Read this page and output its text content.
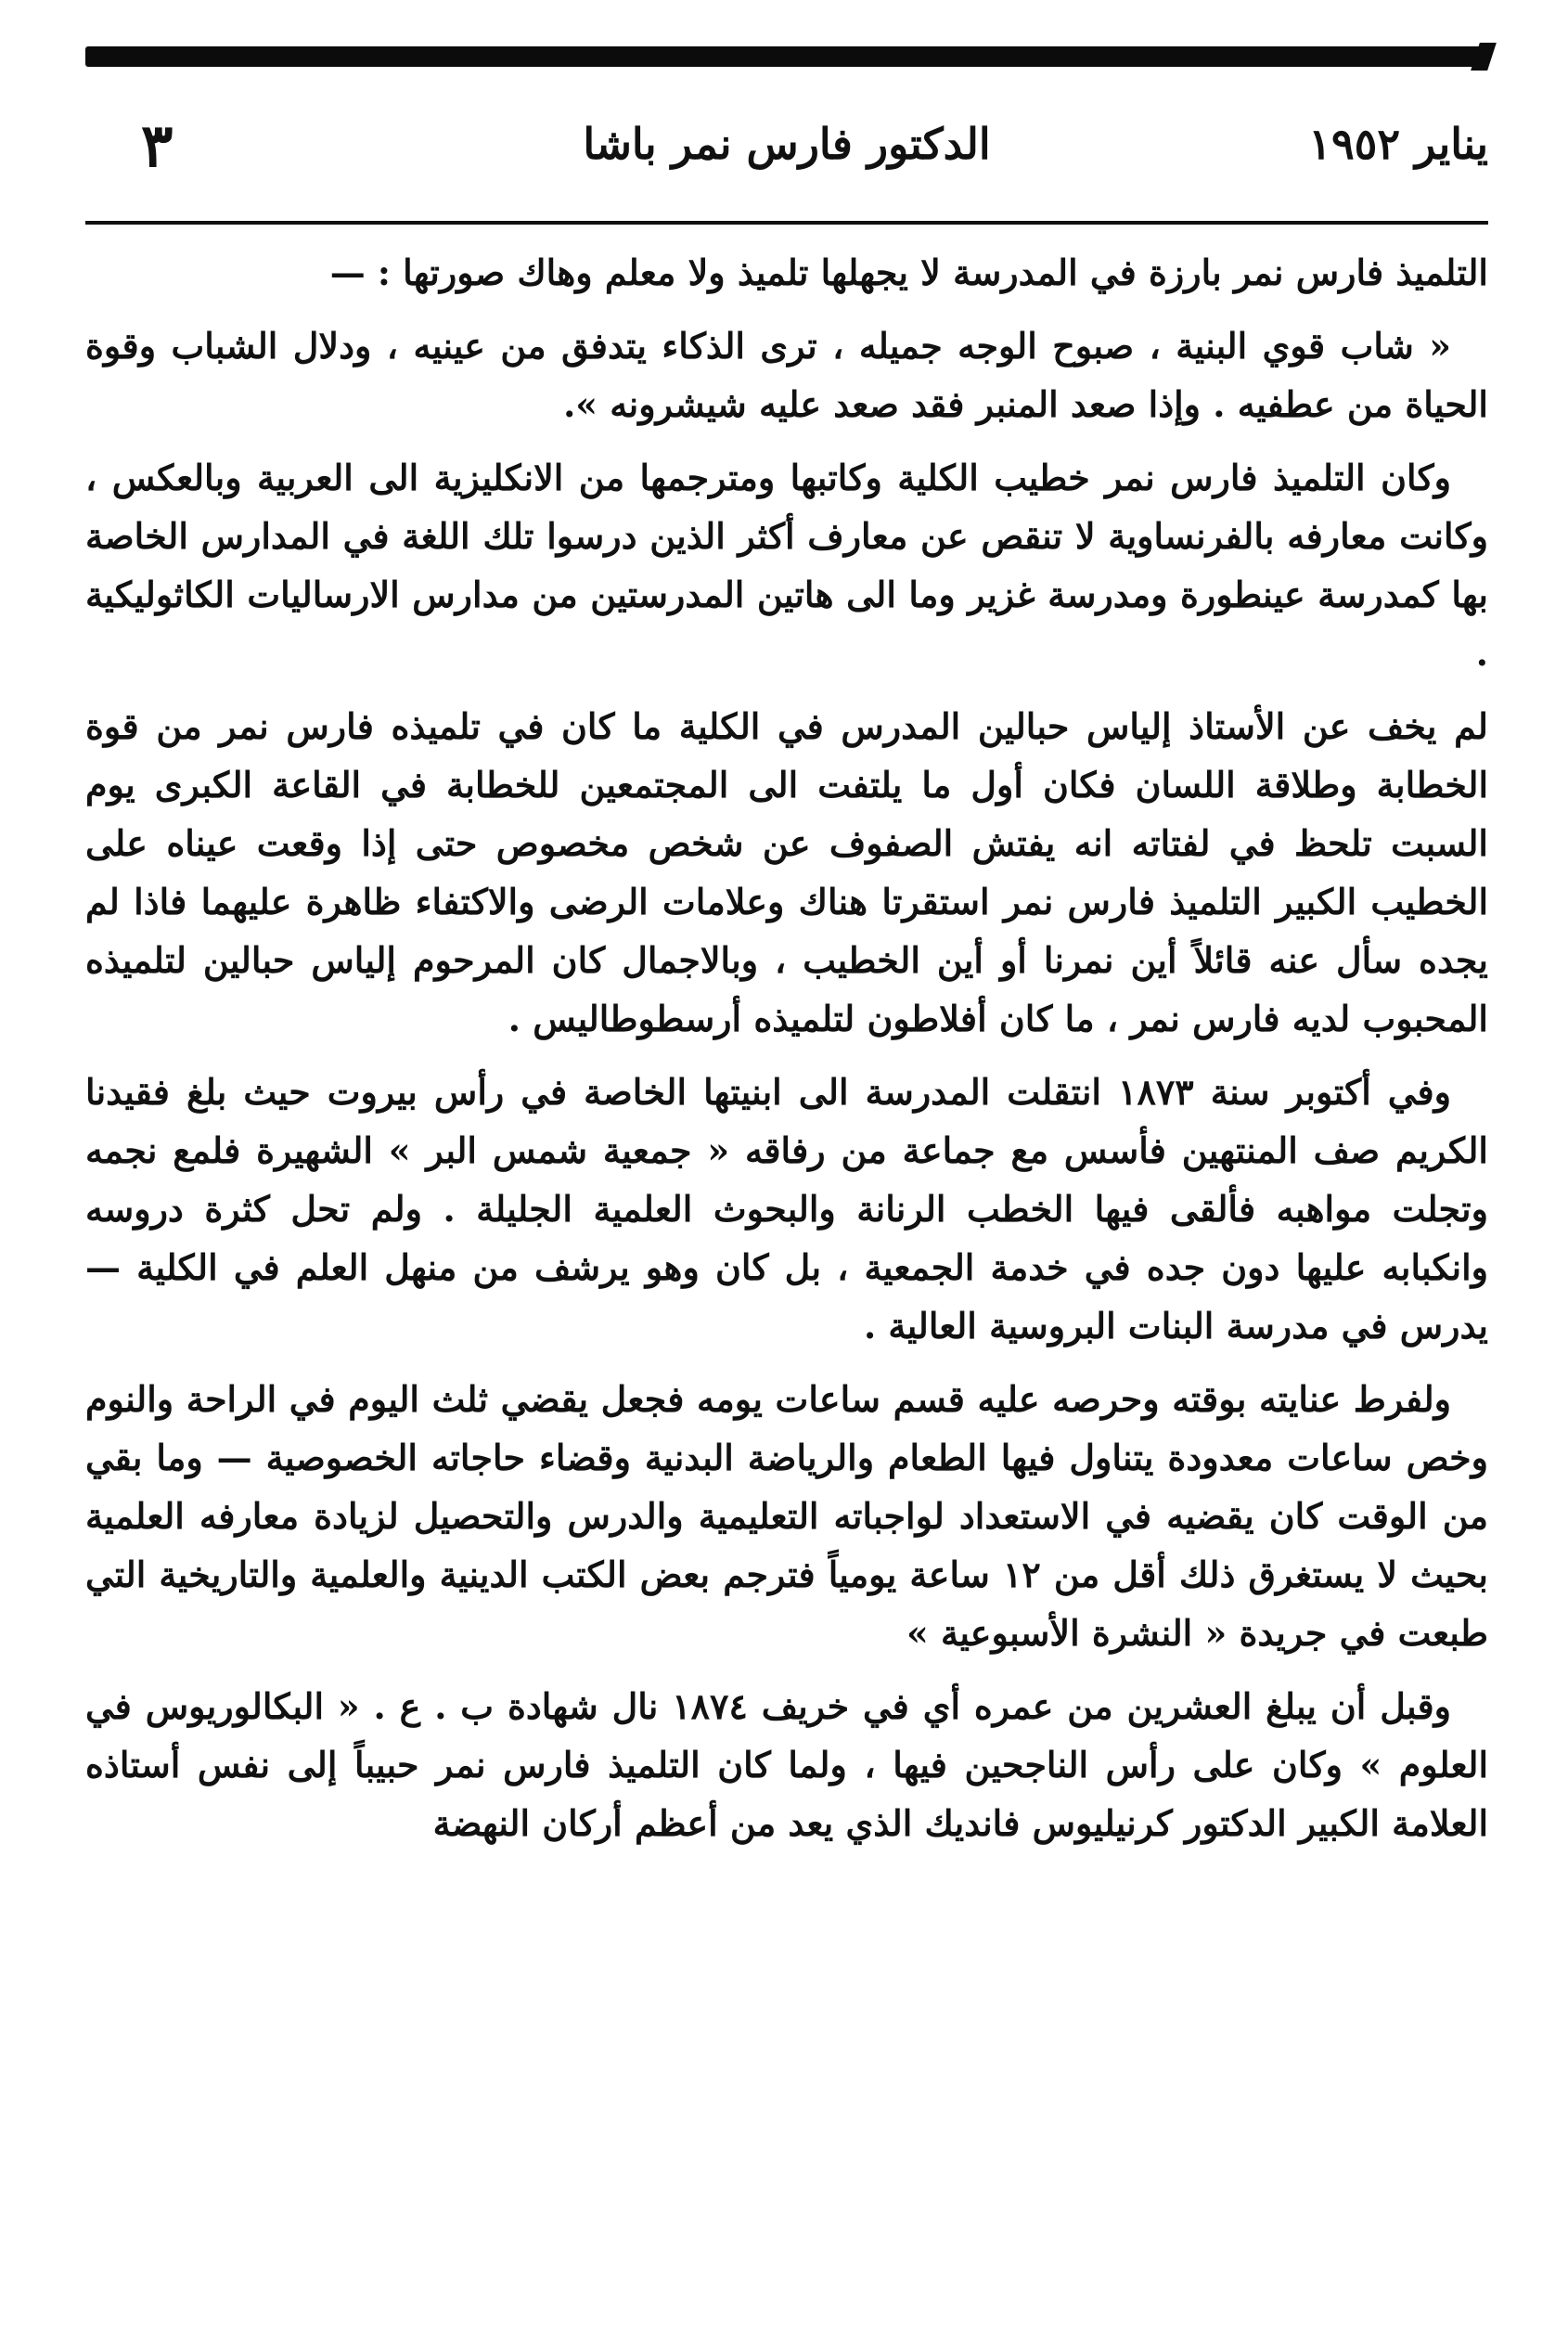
يناير ١٩٥٢
الدكتور فارس نمر باشا
٣

التلميذ فارس نمر بارزة في المدرسة لا يجهلها تلميذ ولا معلم وهاك صورتها : —

« شاب قوي البنية ، صبوح الوجه جميله ، ترى الذكاء يتدفق من عينيه ، ودلال الشباب وقوة الحياة من عطفيه . وإذا صعد المنبر فقد صعد عليه شيشرونه ».

وكان التلميذ فارس نمر خطيب الكلية وكاتبها ومترجمها من الانكليزية الى العربية وبالعكس ، وكانت معارفه بالفرنساوية لا تنقص عن معارف أكثر الذين درسوا تلك اللغة في المدارس الخاصة بها كمدرسة عينطورة ومدرسة غزير وما الى هاتين المدرستين من مدارس الارساليات الكاثوليكية .

لم يخف عن الأستاذ إلياس حبالين المدرس في الكلية ما كان في تلميذه فارس نمر من قوة الخطابة وطلاقة اللسان فكان أول ما يلتفت الى المجتمعين للخطابة في القاعة الكبرى يوم السبت تلحظ في لفتاته انه يفتش الصفوف عن شخص مخصوص حتى إذا وقعت عيناه على الخطيب الكبير التلميذ فارس نمر استقرتا هناك وعلامات الرضى والاكتفاء ظاهرة عليهما فاذا لم يجده سأل عنه قائلاً أين نمرنا أو أين الخطيب ، وبالاجمال كان المرحوم إلياس حبالين لتلميذه المحبوب لديه فارس نمر ، ما كان أفلاطون لتلميذه أرسطوطاليس .

وفي أكتوبر سنة ١٨٧٣ انتقلت المدرسة الى ابنيتها الخاصة في رأس بيروت حيث بلغ فقيدنا الكريم صف المنتهين فأسس مع جماعة من رفاقه « جمعية شمس البر » الشهيرة فلمع نجمه وتجلت مواهبه فألقى فيها الخطب الرنانة والبحوث العلمية الجليلة . ولم تحل كثرة دروسه وانكبابه عليها دون جده في خدمة الجمعية ، بل كان وهو يرشف من منهل العلم في الكلية — يدرس في مدرسة البنات البروسية العالية .

ولفرط عنايته بوقته وحرصه عليه قسم ساعات يومه فجعل يقضي ثلث اليوم في الراحة والنوم وخص ساعات معدودة يتناول فيها الطعام والرياضة البدنية وقضاء حاجاته الخصوصية — وما بقي من الوقت كان يقضيه في الاستعداد لواجباته التعليمية والدرس والتحصيل لزيادة معارفه العلمية بحيث لا يستغرق ذلك أقل من ١٢ ساعة يومياً فترجم بعض الكتب الدينية والعلمية والتاريخية التي طبعت في جريدة « النشرة الأسبوعية »

وقبل أن يبلغ العشرين من عمره أي في خريف ١٨٧٤ نال شهادة ب . ع . « البكالوريوس في العلوم » وكان على رأس الناجحين فيها ، ولما كان التلميذ فارس نمر حبيباً إلى نفس أستاذه العلامة الكبير الدكتور كرنيليوس فانديك الذي يعد من أعظم أركان النهضة
